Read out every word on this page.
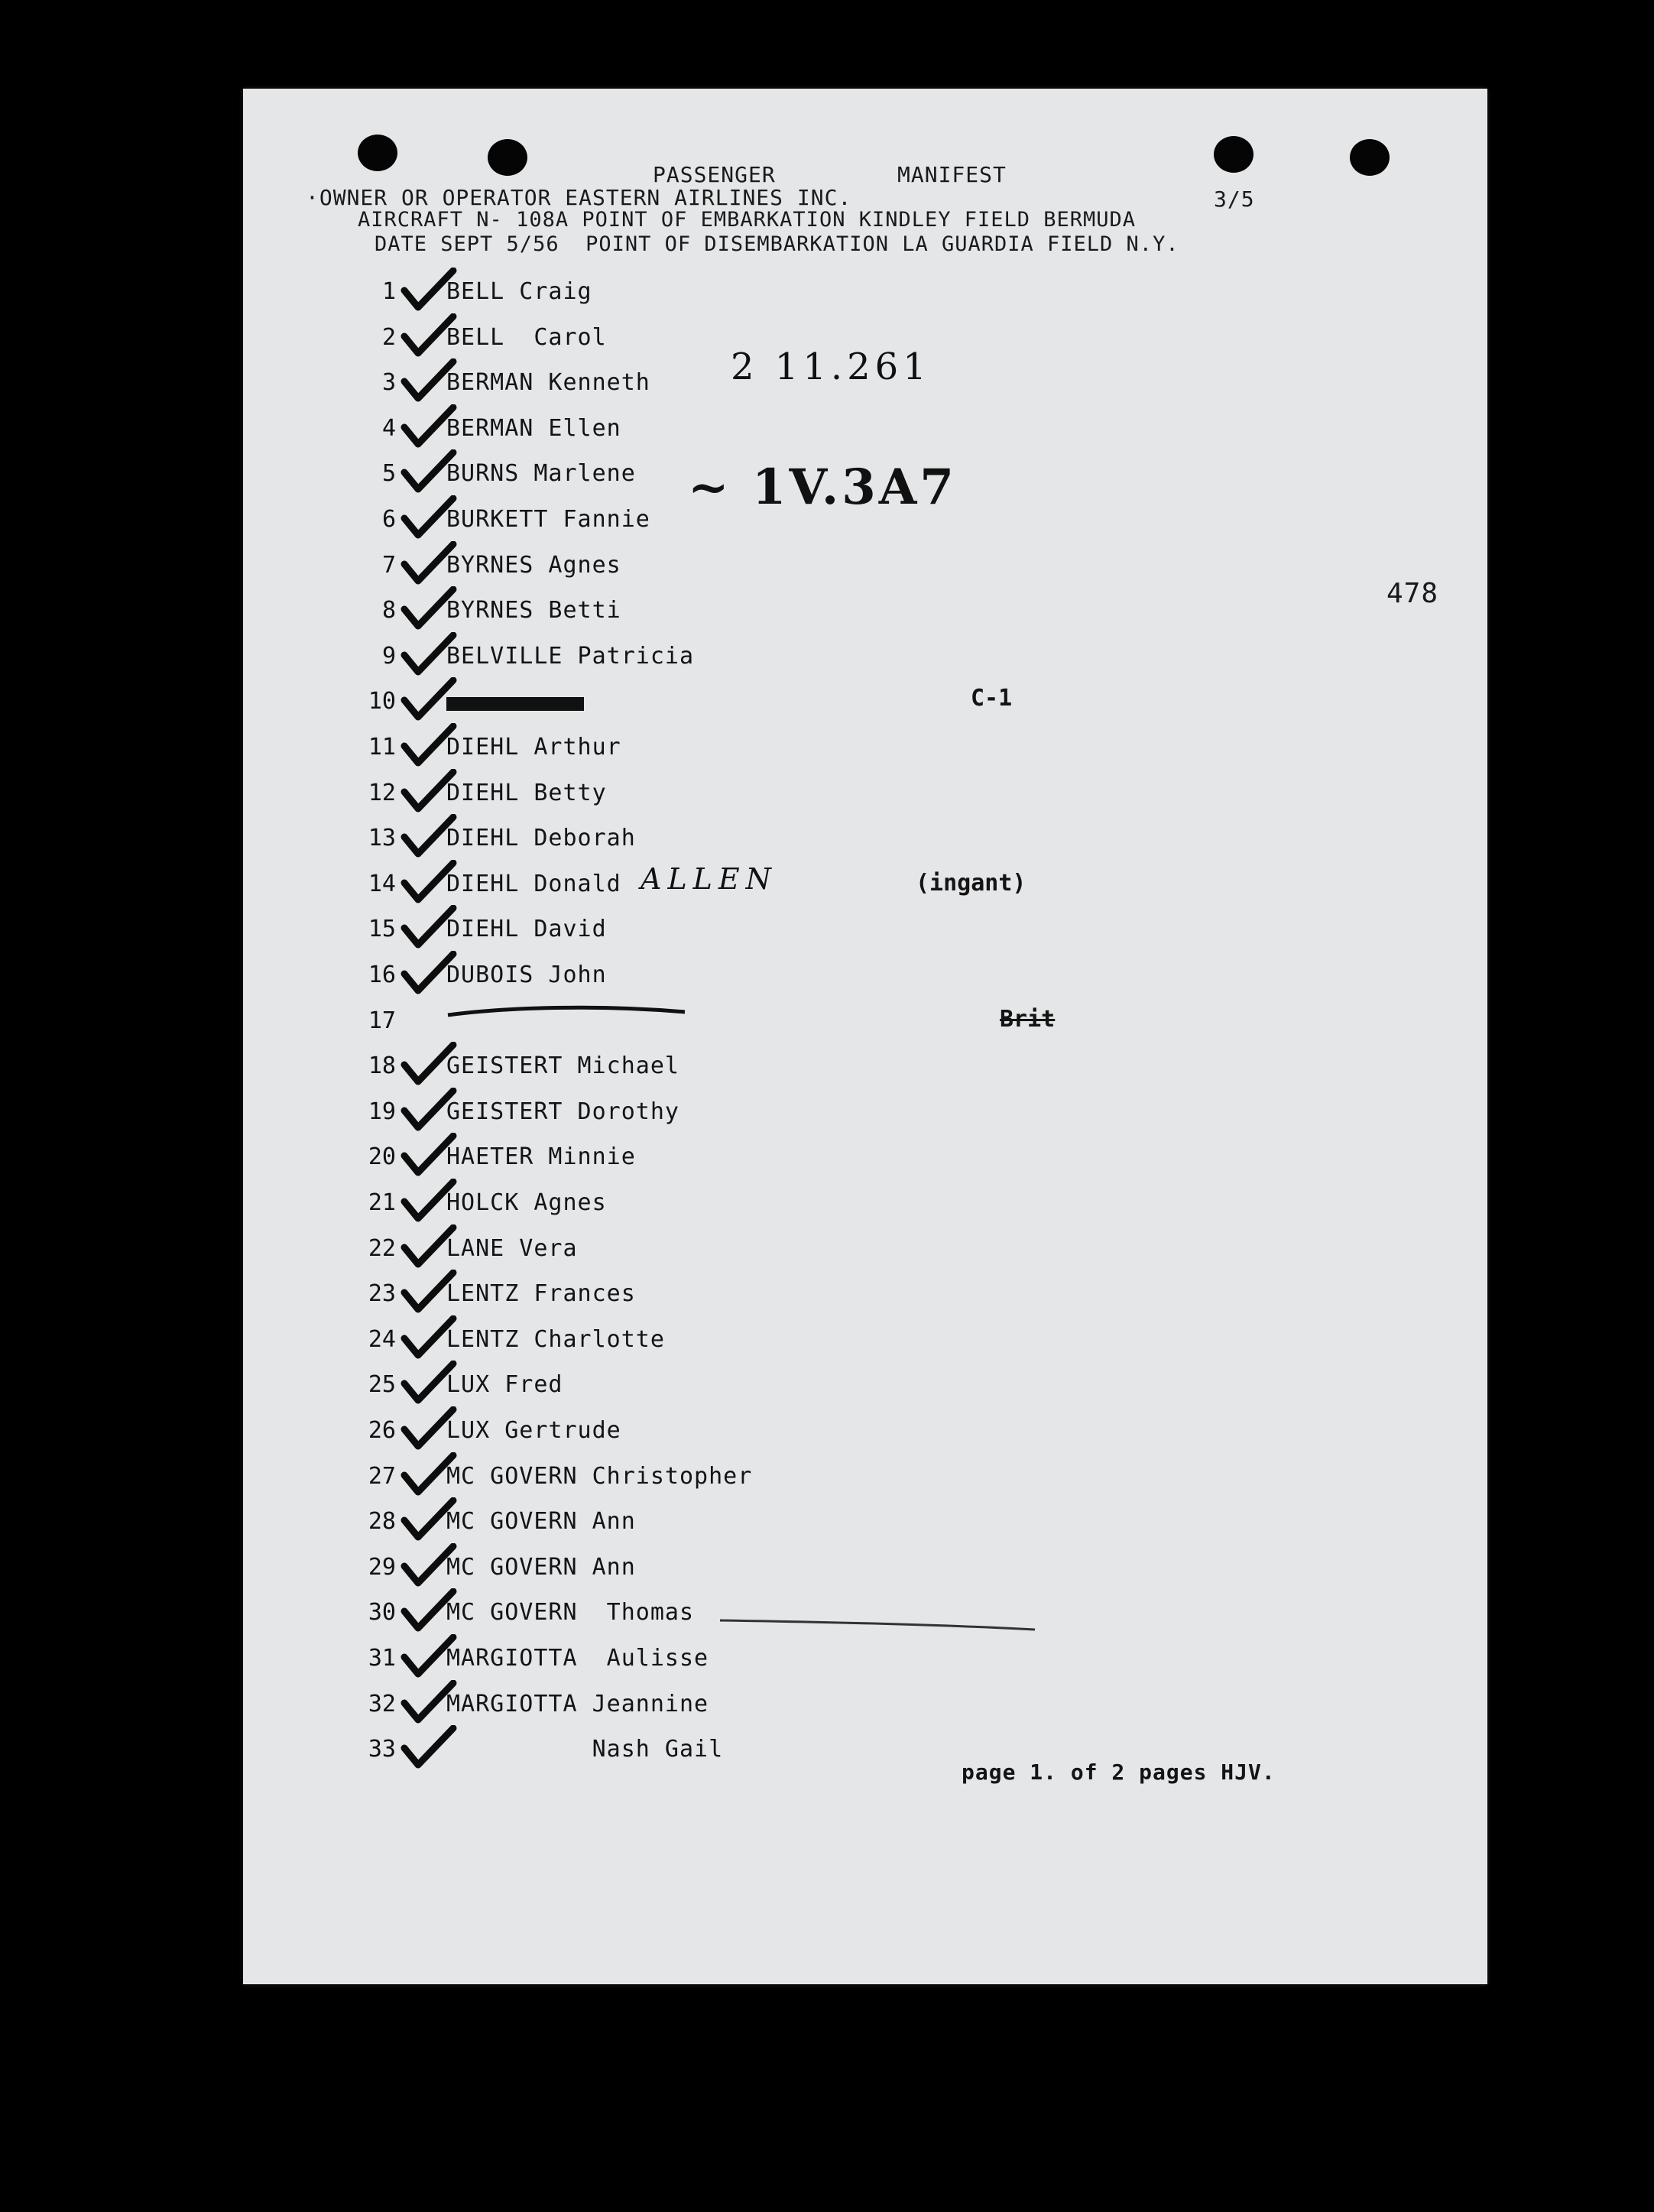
PASSENGER	MANIFEST
·OWNER OR OPERATOR EASTERN AIRLINES INC.	3/5
AIRCRAFT N- 108A POINT OF EMBARKATION KINDLEY FIELD BERMUDA
DATE SEPT 5/56  POINT OF DISEMBARKATION LA GUARDIA FIELD N.Y.
478
1 BELL Craig
2 BELL  Carol
3 BERMAN Kenneth
4 BERMAN Ellen
5 BURNS Marlene
6 BURKETT Fannie
7 BYRNES Agnes
8 BYRNES Betti
9 BELVILLE Patricia
10
11 DIEHL Arthur
12 DIEHL Betty
13 DIEHL Deborah
14 DIEHL Donald
15 DIEHL David
16 DUBOIS John
17
18 GEISTERT Michael
19 GEISTERT Dorothy
20 HAETER Minnie
21 HOLCK Agnes
22 LANE Vera
23 LENTZ Frances
24 LENTZ Charlotte
25 LUX Fred
26 LUX Gertrude
27 MC GOVERN Christopher
28 MC GOVERN Ann
29 MC GOVERN Ann
30 MC GOVERN  Thomas
31 MARGIOTTA  Aulisse
32 MARGIOTTA Jeannine
33 Nash Gail
2 11.261
~ 1V.3A7
C-1
ALLEN	(ingant)
Brit
page 1. of 2 pages HJV.
